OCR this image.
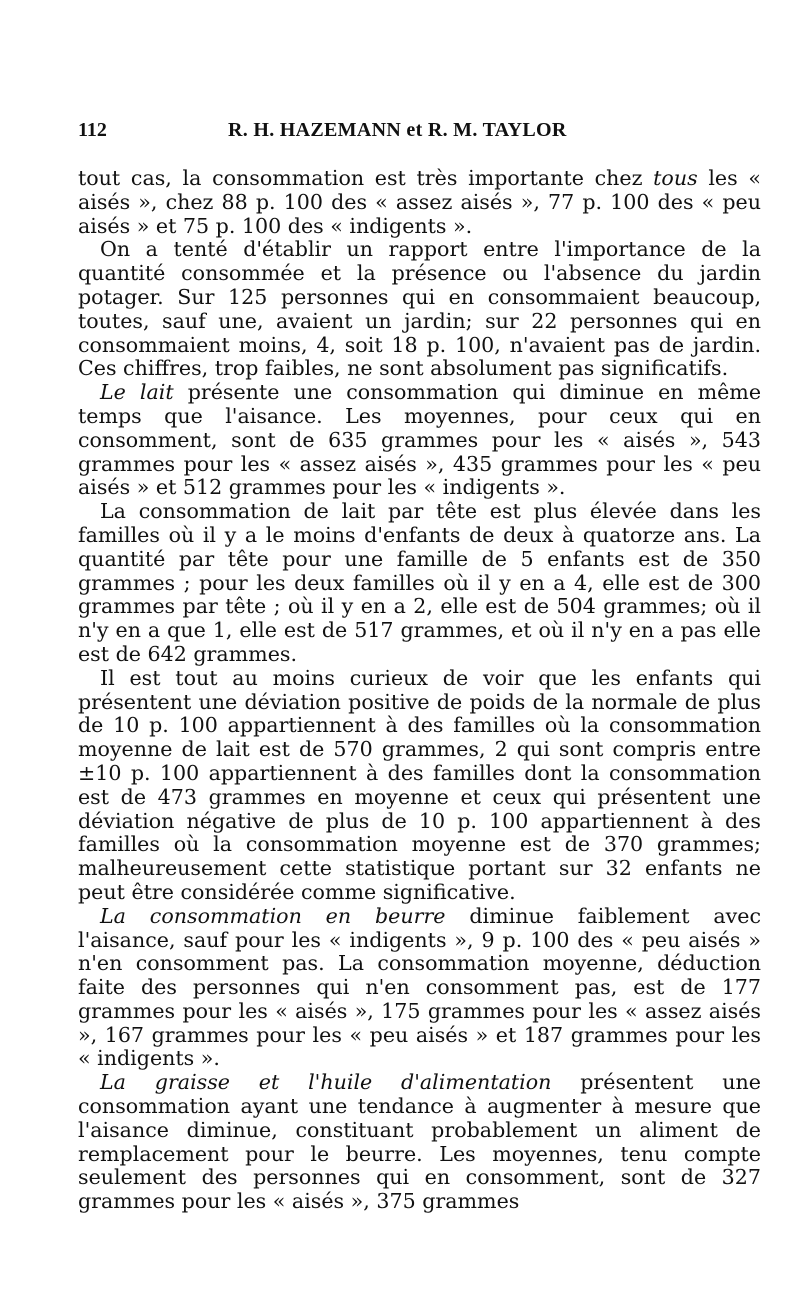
112	R. H. HAZEMANN et R. M. TAYLOR

tout cas, la consommation est très importante chez tous les « aisés », chez 88 p. 100 des « assez aisés », 77 p. 100 des « peu aisés » et 75 p. 100 des « indigents ».

On a tenté d'établir un rapport entre l'importance de la quantité consommée et la présence ou l'absence du jardin potager. Sur 125 personnes qui en consommaient beaucoup, toutes, sauf une, avaient un jardin; sur 22 personnes qui en consommaient moins, 4, soit 18 p. 100, n'avaient pas de jardin. Ces chiffres, trop faibles, ne sont absolument pas significatifs.

Le lait présente une consommation qui diminue en même temps que l'aisance. Les moyennes, pour ceux qui en consomment, sont de 635 grammes pour les « aisés », 543 grammes pour les « assez aisés », 435 grammes pour les « peu aisés » et 512 grammes pour les « indigents ».

La consommation de lait par tête est plus élevée dans les familles où il y a le moins d'enfants de deux à quatorze ans. La quantité par tête pour une famille de 5 enfants est de 350 grammes ; pour les deux familles où il y en a 4, elle est de 300 grammes par tête ; où il y en a 2, elle est de 504 grammes; où il n'y en a que 1, elle est de 517 grammes, et où il n'y en a pas elle est de 642 grammes.

Il est tout au moins curieux de voir que les enfants qui présentent une déviation positive de poids de la normale de plus de 10 p. 100 appartiennent à des familles où la consommation moyenne de lait est de 570 grammes, 2 qui sont compris entre ±10 p. 100 appartiennent à des familles dont la consommation est de 473 grammes en moyenne et ceux qui présentent une déviation négative de plus de 10 p. 100 appartiennent à des familles où la consommation moyenne est de 370 grammes; malheureusement cette statistique portant sur 32 enfants ne peut être considérée comme significative.

La consommation en beurre diminue faiblement avec l'aisance, sauf pour les « indigents », 9 p. 100 des « peu aisés » n'en consomment pas. La consommation moyenne, déduction faite des personnes qui n'en consomment pas, est de 177 grammes pour les « aisés », 175 grammes pour les « assez aisés », 167 grammes pour les « peu aisés » et 187 grammes pour les « indigents ».

La graisse et l'huile d'alimentation présentent une consommation ayant une tendance à augmenter à mesure que l'aisance diminue, constituant probablement un aliment de remplacement pour le beurre. Les moyennes, tenu compte seulement des personnes qui en consomment, sont de 327 grammes pour les « aisés », 375 grammes
